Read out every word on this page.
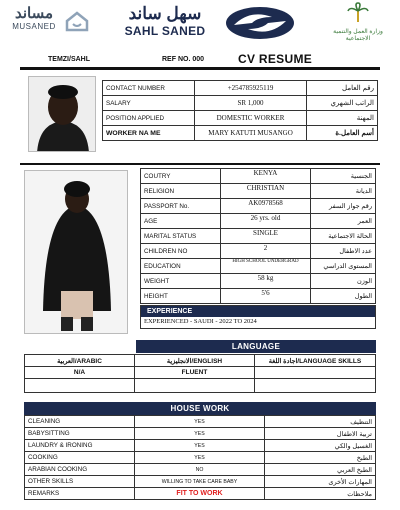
مساند
MUSANED
سهل ساند
SAHL SANED	وزارة العمل والتنمية الاجتماعية
TEMZI/SAHL	REF NO. 000	CV RESUME
CONTACT NUMBER	+254785925119	رقم العامل
SALARY	SR 1,000	الراتب الشهري
POSITION APPLIED	DOMESTIC WORKER	المهنة
WORKER NA ME	MARY KATUTI MUSANGO	أسم العامل.ة
COUTRY	KENYA	الجنسية
RELIGION	CHRISTIAN	الديانة
PASSPORT No.	AK0978568	رقم جواز السفر
AGE	26 yrs. old	العمر
MARITAL STATUS	SINGLE	الحالة الاجتماعية
CHILDREN NO	2	عدد الاطفال
EDUCATION	HIGH SCHOOL UNDERGRAD	المستوى الدراسي
WEIGHT	58 kg	الوزن
HEIGHT	5'6	الطول
EXPERIENCE
EXPERIENCED - SAUDI - 2022 TO 2024
LANGUAGE
العربية/ARABIC	الانجليزية/ENGLISH	اجادة اللغة/LANGUAGE SKILLS
N/A	FLUENT	

HOUSE WORK
CLEANING	YES	التنظيف
BABYSITTING	YES	تربية الاطفال
LAUNDRY & IRONING	YES	الغسيل والكي
COOKING	YES	الطبخ
ARABIAN COOKING	NO	الطبخ العربي
OTHER SKILLS	WILLING TO TAKE CARE BABY	المهارات الأخرى
REMARKS	FIT TO WORK	ملاحظات
